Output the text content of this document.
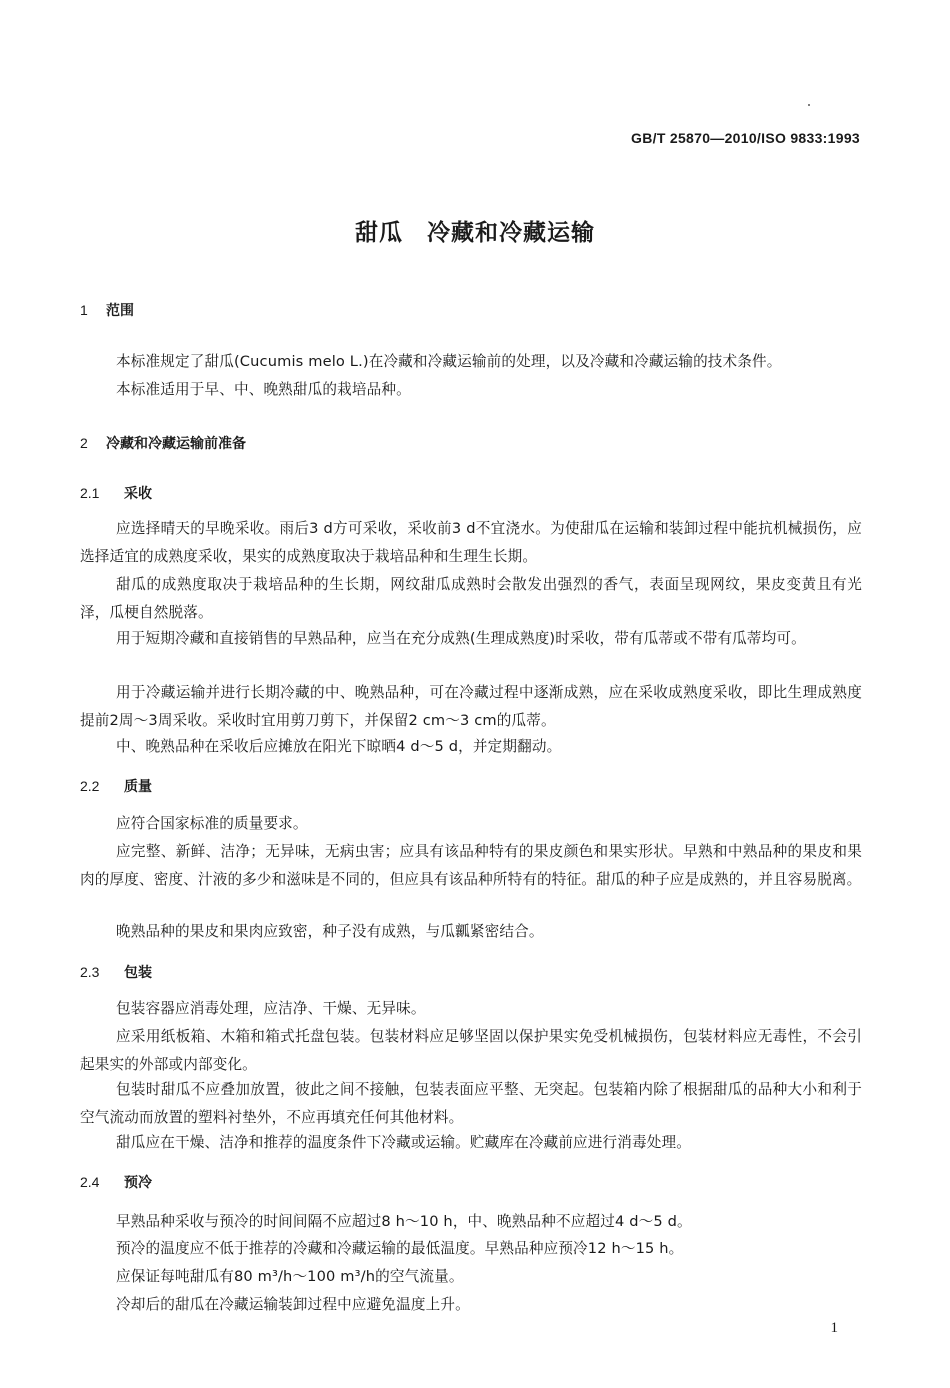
GB/T 25870—2010/ISO 9833:1993
甜瓜　冷藏和冷藏运输
1 范围
本标准规定了甜瓜(Cucumis melo L.)在冷藏和冷藏运输前的处理，以及冷藏和冷藏运输的技术条件。
本标准适用于早、中、晚熟甜瓜的栽培品种。
2 冷藏和冷藏运输前准备
2.1 采收
应选择晴天的早晚采收。雨后3 d方可采收，采收前3 d不宜浇水。为使甜瓜在运输和装卸过程中能抗机械损伤，应选择适宜的成熟度采收，果实的成熟度取决于栽培品种和生理生长期。
甜瓜的成熟度取决于栽培品种的生长期，网纹甜瓜成熟时会散发出强烈的香气，表面呈现网纹，果皮变黄且有光泽，瓜梗自然脱落。
用于短期冷藏和直接销售的早熟品种，应当在充分成熟(生理成熟度)时采收，带有瓜蒂或不带有瓜蒂均可。
用于冷藏运输并进行长期冷藏的中、晚熟品种，可在冷藏过程中逐渐成熟，应在采收成熟度采收，即比生理成熟度提前2周～3周采收。采收时宜用剪刀剪下，并保留2 cm～3 cm的瓜蒂。
中、晚熟品种在采收后应摊放在阳光下晾晒4 d～5 d，并定期翻动。
2.2 质量
应符合国家标准的质量要求。
应完整、新鲜、洁净；无异味，无病虫害；应具有该品种特有的果皮颜色和果实形状。早熟和中熟品种的果皮和果肉的厚度、密度、汁液的多少和滋味是不同的，但应具有该品种所特有的特征。甜瓜的种子应是成熟的，并且容易脱离。
晚熟品种的果皮和果肉应致密，种子没有成熟，与瓜瓤紧密结合。
2.3 包装
包装容器应消毒处理，应洁净、干燥、无异味。
应采用纸板箱、木箱和箱式托盘包装。包装材料应足够坚固以保护果实免受机械损伤，包装材料应无毒性，不会引起果实的外部或内部变化。
包装时甜瓜不应叠加放置，彼此之间不接触，包装表面应平整、无突起。包装箱内除了根据甜瓜的品种大小和利于空气流动而放置的塑料衬垫外，不应再填充任何其他材料。
甜瓜应在干燥、洁净和推荐的温度条件下冷藏或运输。贮藏库在冷藏前应进行消毒处理。
2.4 预冷
早熟品种采收与预冷的时间间隔不应超过8 h～10 h，中、晚熟品种不应超过4 d～5 d。
预冷的温度应不低于推荐的冷藏和冷藏运输的最低温度。早熟品种应预冷12 h～15 h。
应保证每吨甜瓜有80 m³/h～100 m³/h的空气流量。
冷却后的甜瓜在冷藏运输装卸过程中应避免温度上升。
1
